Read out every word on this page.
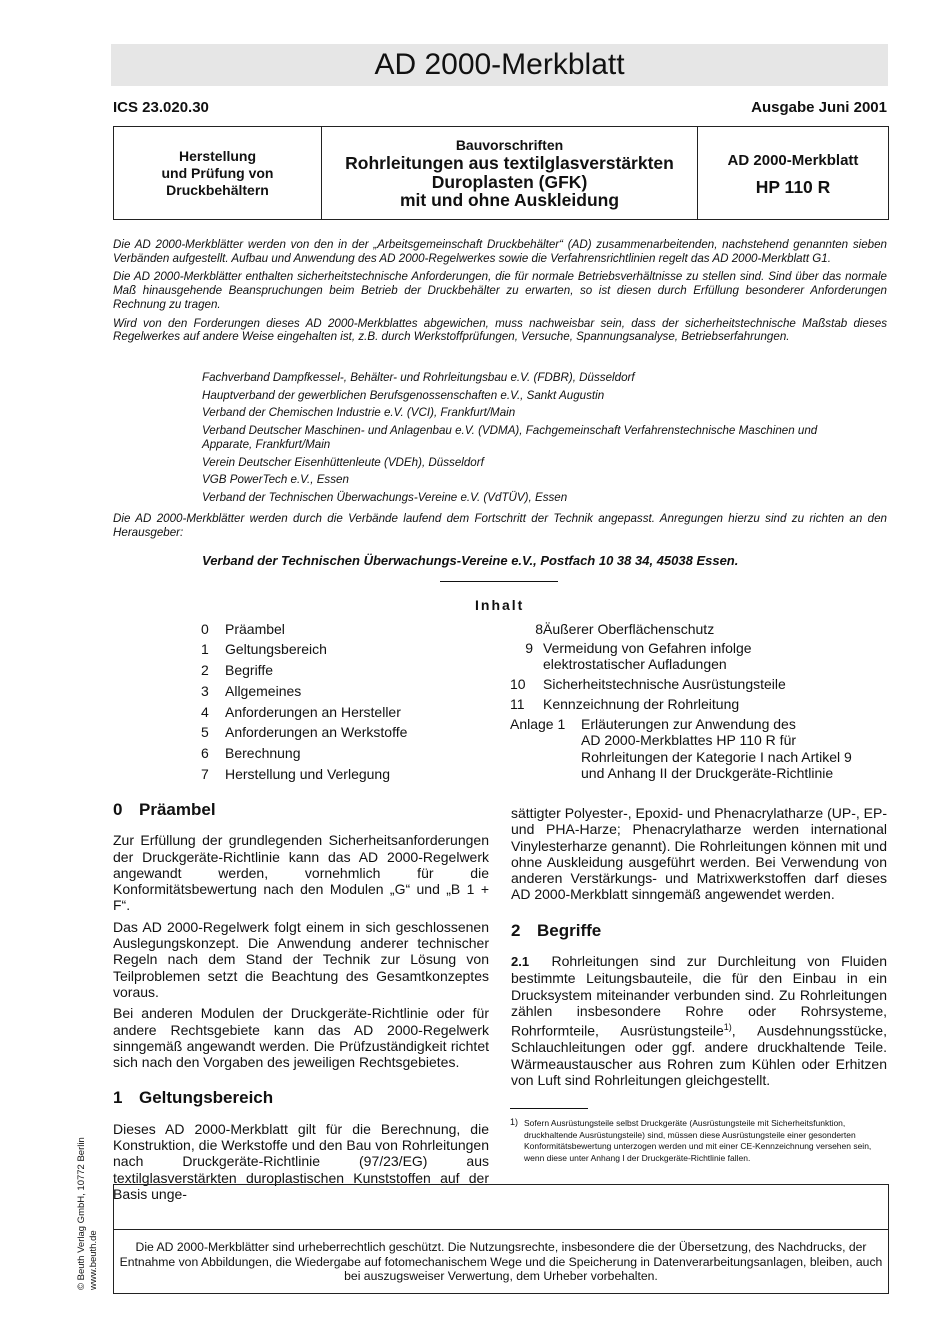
AD 2000-Merkblatt
ICS 23.020.30	Ausgabe Juni 2001
Herstellung
und Prüfung von
Druckbehältern
Bauvorschriften
Rohrleitungen aus textilglasverstärkten
Duroplasten (GFK)
mit und ohne Auskleidung
AD 2000-Merkblatt
HP 110 R

Die AD 2000-Merkblätter werden von den in der „Arbeitsgemeinschaft Druckbehälter“ (AD) zusammenarbeitenden, nachstehend genannten sieben Verbänden aufgestellt. Aufbau und Anwendung des AD 2000-Regelwerkes sowie die Verfahrensrichtlinien regelt das AD 2000-Merkblatt G1.

Die AD 2000-Merkblätter enthalten sicherheitstechnische Anforderungen, die für normale Betriebsverhältnisse zu stellen sind. Sind über das normale Maß hinausgehende Beanspruchungen beim Betrieb der Druckbehälter zu erwarten, so ist diesen durch Erfüllung besonderer Anforderungen Rechnung zu tragen.

Wird von den Forderungen dieses AD 2000-Merkblattes abgewichen, muss nachweisbar sein, dass der sicherheitstechnische Maßstab dieses Regelwerkes auf andere Weise eingehalten ist, z.B. durch Werkstoffprüfungen, Versuche, Spannungsanalyse, Betriebserfahrungen.

Fachverband Dampfkessel-, Behälter- und Rohrleitungsbau e.V. (FDBR), Düsseldorf
Hauptverband der gewerblichen Berufsgenossenschaften e.V., Sankt Augustin
Verband der Chemischen Industrie e.V. (VCI), Frankfurt/Main
Verband Deutscher Maschinen- und Anlagenbau e.V. (VDMA), Fachgemeinschaft Verfahrenstechnische Maschinen und Apparate, Frankfurt/Main
Verein Deutscher Eisenhüttenleute (VDEh), Düsseldorf
VGB PowerTech e.V., Essen
Verband der Technischen Überwachungs-Vereine e.V. (VdTÜV), Essen

Die AD 2000-Merkblätter werden durch die Verbände laufend dem Fortschritt der Technik angepasst. Anregungen hierzu sind zu richten an den Herausgeber:

Verband der Technischen Überwachungs-Vereine e.V., Postfach 10 38 34, 45038 Essen.
Inhalt
0 Präambel
1 Geltungsbereich
2 Begriffe
3 Allgemeines
4 Anforderungen an Hersteller
5 Anforderungen an Werkstoffe
6 Berechnung
7 Herstellung und Verlegung
8 Äußerer Oberflächenschutz
9 Vermeidung von Gefahren infolge

elektrostatischer Aufladungen
10 Sicherheitstechnische Ausrüstungsteile
11 Kennzeichnung der Rohrleitung
Anlage 1 Erläuterungen zur Anwendung des
AD 2000-Merkblattes HP 110 R für
Rohrleitungen der Kategorie I nach Artikel 9
und Anhang II der Druckgeräte-Richtlinie
0 Präambel

Zur Erfüllung der grundlegenden Sicherheitsanforderungen der Druckgeräte-Richtlinie kann das AD 2000-Regelwerk angewandt werden, vornehmlich für die Konformitätsbewertung nach den Modulen „G“ und „B 1 + F“.

Das AD 2000-Regelwerk folgt einem in sich geschlossenen Auslegungskonzept. Die Anwendung anderer technischer Regeln nach dem Stand der Technik zur Lösung von Teilproblemen setzt die Beachtung des Gesamtkonzeptes voraus.

Bei anderen Modulen der Druckgeräte-Richtlinie oder für andere Rechtsgebiete kann das AD 2000-Regelwerk sinngemäß angewandt werden. Die Prüfzuständigkeit richtet sich nach den Vorgaben des jeweiligen Rechtsgebietes.

1 Geltungsbereich

Dieses AD 2000-Merkblatt gilt für die Berechnung, die Konstruktion, die Werkstoffe und den Bau von Rohrleitungen nach Druckgeräte-Richtlinie (97/23/EG) aus textilglasverstärkten duroplastischen Kunststoffen auf der Basis unge-

sättigter Polyester-, Epoxid- und Phenacrylatharze (UP-, EP- und PHA-Harze; Phenacrylatharze werden international Vinylesterharze genannt). Die Rohrleitungen können mit und ohne Auskleidung ausgeführt werden. Bei Verwendung von anderen Verstärkungs- und Matrixwerkstoffen darf dieses AD 2000-Merkblatt sinngemäß angewendet werden.

2 Begriffe

2.1 Rohrleitungen sind zur Durchleitung von Fluiden bestimmte Leitungsbauteile, die für den Einbau in ein Drucksystem miteinander verbunden sind. Zu Rohrleitungen zählen insbesondere Rohre oder Rohrsysteme, Rohrformteile, Ausrüstungsteile$^{1)}$, Ausdehnungsstücke, Schlauchleitungen oder ggf. andere druckhaltende Teile. Wärmeaustauscher aus Rohren zum Kühlen oder Erhitzen von Luft sind Rohrleitungen gleichgestellt.

1) Sofern Ausrüstungsteile selbst Druckgeräte (Ausrüstungsteile mit Sicherheitsfunktion, druckhaltende Ausrüstungsteile) sind, müssen diese Ausrüstungsteile einer gesonderten Konformitätsbewertung unterzogen werden und mit einer CE-Kennzeichnung versehen sein, wenn diese unter Anhang I der Druckgeräte-Richtlinie fallen.
Die AD 2000-Merkblätter sind urheberrechtlich geschützt. Die Nutzungsrechte, insbesondere die der Übersetzung, des Nachdrucks, der Entnahme von Abbildungen, die Wiedergabe auf fotomechanischem Wege und die Speicherung in Datenverarbeitungsanlagen, bleiben, auch bei auszugsweiser Verwertung, dem Urheber vorbehalten.
© Beuth Verlag GmbH, 10772 Berlin www.beuth.de
